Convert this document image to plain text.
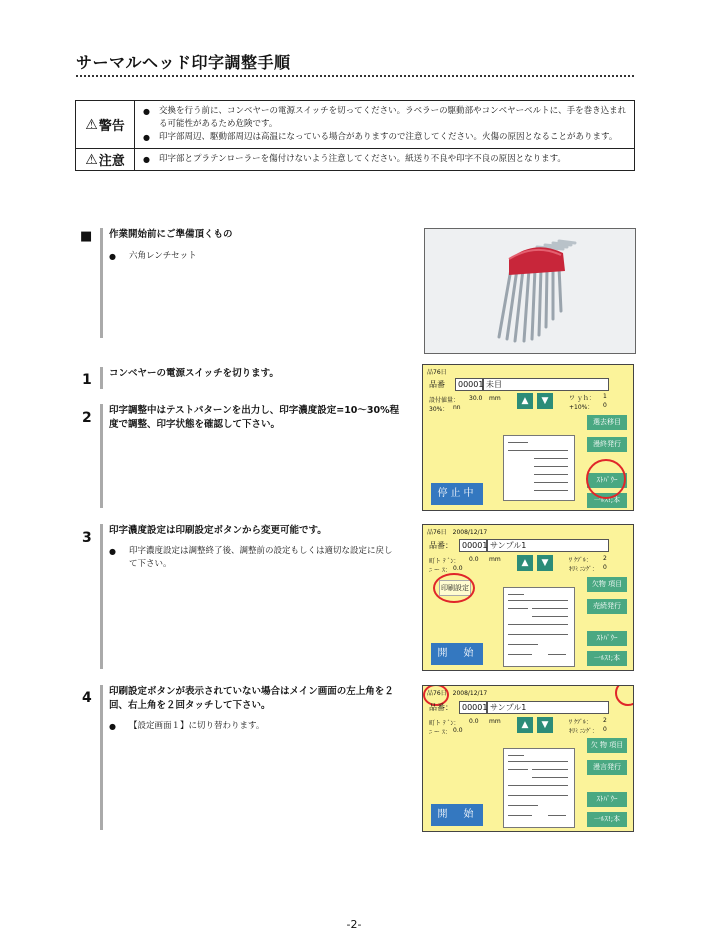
サーマルヘッド印字調整手順
⚠ 警告
●	交換を行う前に、コンベヤーの電源スイッチを切ってください。ラベラーの駆動部やコンベヤーベルトに、手を巻き込まれる可能性があるため危険です。
●	印字部周辺、駆動部周辺は高温になっている場合がありますので注意してください。火傷の原因となることがあります。
⚠ 注意 ●	印字部とプラテンローラーを傷付けないよう注意してください。紙送り不良や印字不良の原因となります。
■	作業開始前にご準備頂くもの
●	六角レンチセット
1	コンベヤーの電源スイッチを切ります。
2	印字調整中はテストパターンを出力し、印字濃度設定=10〜30%程度で調整、印字状態を確認して下さい。
3	印字濃度設定は印刷設定ボタンから変更可能です。
●	印字濃度設定は調整終了後、調整前の設定もしくは適切な設定に戻して下さい。
4	印刷設定ボタンが表示されていない場合はメイン画面の左上角を２回、右上角を２回タッチして下さい。
●	【設定画面１】に切り替わります。
品76日
品番	00001 未目
設付値量： 30.0 mm
30%： nn
▲	▼	ワ ｙｈ： 1
+10%： 0
選去移目
漫終発行
ｽﾄﾊﾟｳｰ
一ﾙｽ!;本
停止中
品76日　2008/12/17
品番：	00001 サンプル1
町ト ﾃ ﾞﾝ： 0.0 mm
ﾆ ー ｽ： 0.0
▲	▼	ﾜ ｸﾌﾞﾙ： 2
ｷﾘﾐ ﾆﾝｸﾞ： 0
印刷設定	欠物 項目
売続発行
ｽﾄﾊﾟｳｰ
一ﾙｽ!;本
開　始
品76日　2008/12/17
品番：	00001 サンプル1
町ト ﾃ ﾞﾝ： 0.0 mm
ﾆ ー ｽ： 0.0
▲	▼	ﾜ ｸﾌﾞﾙ： 2
ｷﾘﾐ ﾆﾝｸﾞ： 0
欠 物 項目
漫言発行
ｽﾄﾊﾟｳｰ
一ﾙｽ!;本
開　始
-2-
